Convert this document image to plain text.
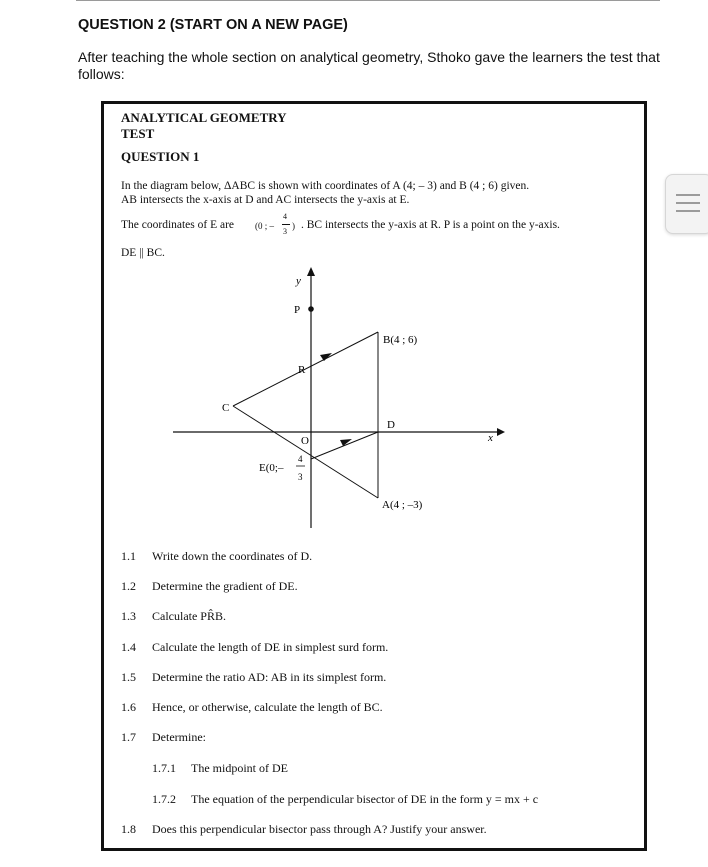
QUESTION 2 (START ON A NEW PAGE)

After teaching the whole section on analytical geometry, Sthoko gave the learners the test that follows:

ANALYTICAL GEOMETRY

TEST

QUESTION 1

In the diagram below, ΔABC is shown with coordinates of A (4; – 3) and B (4 ; 6) given.

AB intersects the x-axis at D and AC intersects the y-axis at E.

The coordinates of E are (0 ; –
4
3
) . BC intersects the y-axis at R. P is a point on the y-axis.

DE || BC.

y
x
P
B(4 ; 6)
R
C
D
O
E(0;–
4
3
A(4 ; –3)
1.1 Write down the coordinates of D.
1.2 Determine the gradient of DE.
1.3 Calculate PR̂B.
1.4 Calculate the length of DE in simplest surd form.
1.5 Determine the ratio AD: AB in its simplest form.
1.6 Hence, or otherwise, calculate the length of BC.
1.7 Determine:
1.7.1 The midpoint of DE
1.7.2 The equation of the perpendicular bisector of DE in the form y = mx + c
1.8 Does this perpendicular bisector pass through A? Justify your answer.
